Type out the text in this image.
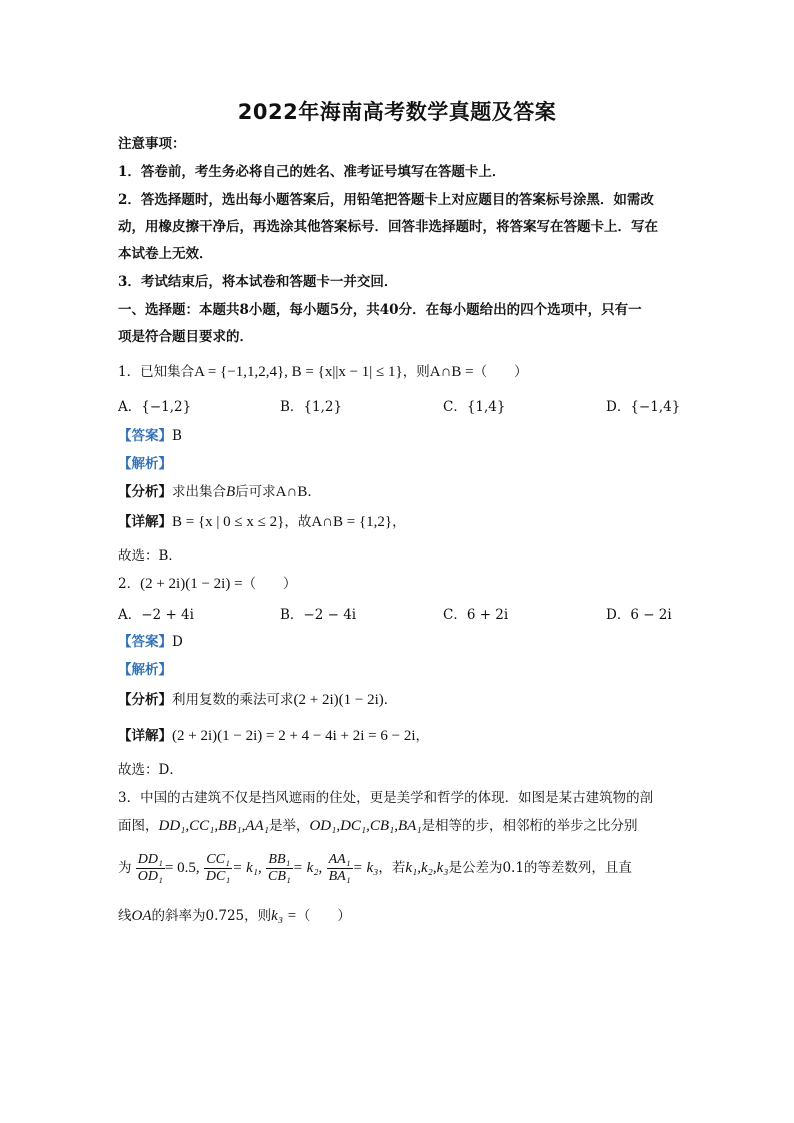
2022年海南高考数学真题及答案
注意事项：
1．答卷前，考生务必将自己的姓名、准考证号填写在答题卡上．
2．答选择题时，选出每小题答案后，用铅笔把答题卡上对应题目的答案标号涂黑．如需改
动，用橡皮擦干净后，再选涂其他答案标号．回答非选择题时，将答案写在答题卡上．写在
本试卷上无效．
3．考试结束后，将本试卷和答题卡一并交回．
一、选择题：本题共8小题，每小题5分，共40分．在每小题给出的四个选项中，只有一
项是符合题目要求的．
1．已知集合A = {−1,1,2,4}, B = {x||x − 1| ≤ 1}，则A∩B =（　　）
A．{−1,2}	B．{1,2}	C．{1,4}	D．{−1,4}
【答案】B
【解析】
【分析】求出集合B后可求A∩B．
【详解】B = {x | 0 ≤ x ≤ 2}，故A∩B = {1,2}，
故选：B．
2．(2 + 2i)(1 − 2i) =（　　）
A．−2 + 4i	B．−2 − 4i	C．6 + 2i	D．6 − 2i
【答案】D
【解析】
【分析】利用复数的乘法可求(2 + 2i)(1 − 2i)．
【详解】(2 + 2i)(1 − 2i) = 2 + 4 − 4i + 2i = 6 − 2i，
故选：D．
3．中国的古建筑不仅是挡风遮雨的住处，更是美学和哲学的体现．如图是某古建筑物的剖
面图，DD₁,CC₁,BB₁,AA₁是举，OD₁,DC₁,CB₁,BA₁是相等的步，相邻桁的举步之比分别
为 $\frac{\text{DD₁}}{\text{OD₁}} = 0.5$, $\frac{\text{CC₁}}{\text{DC₁}} = k_1$, $\frac{\text{BB₁}}{\text{CB₁}} = k_2$, $\frac{\text{AA₁}}{\text{BA₁}} = k_3$，若k₁,k₂,k₃是公差为0.1的等差数列，且直
线OA的斜率为0.725，则k₃ =（　　）
